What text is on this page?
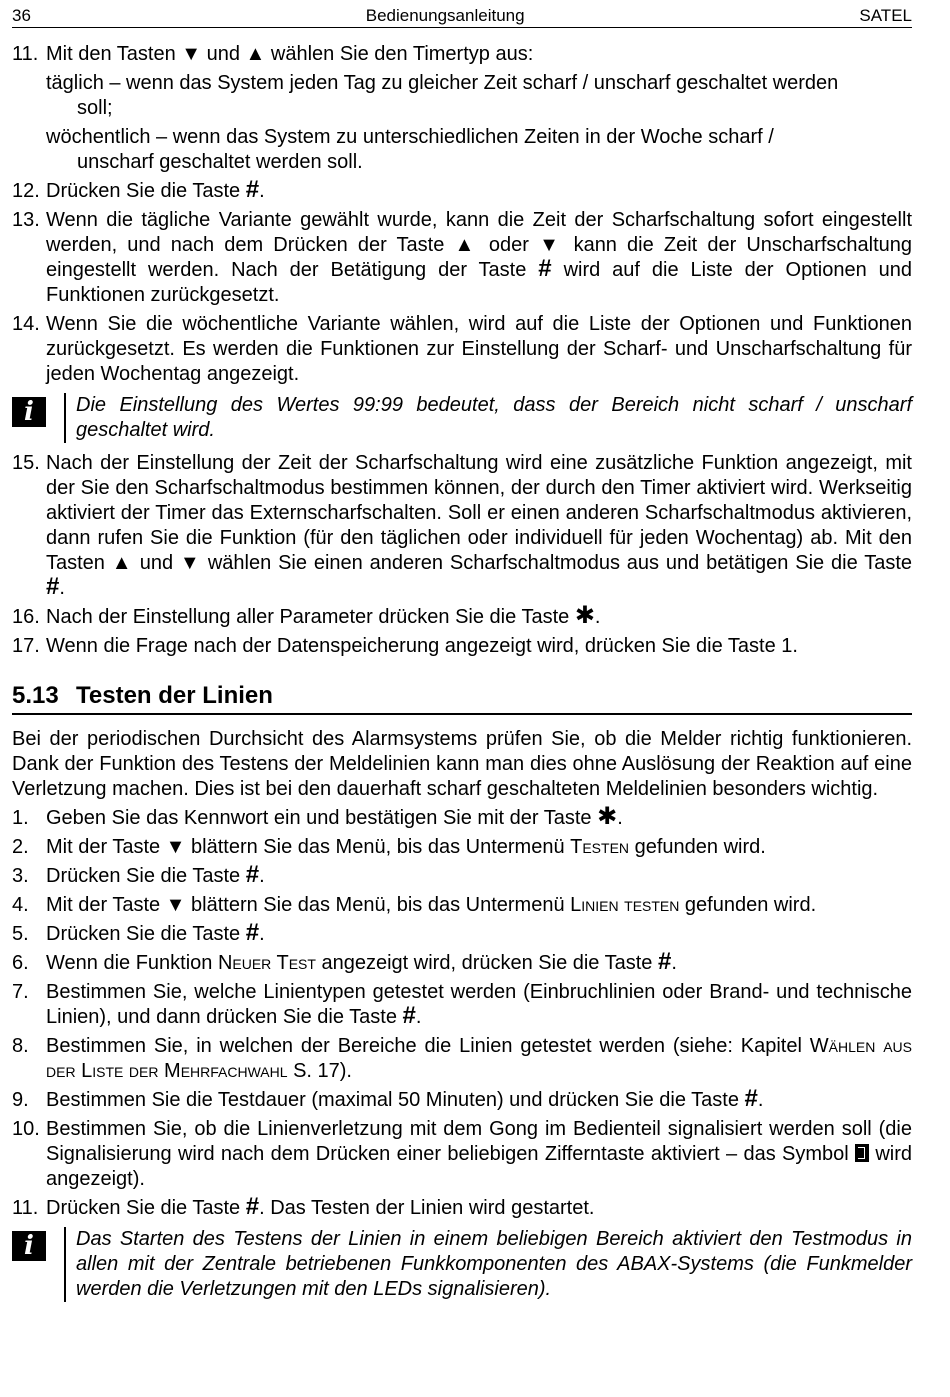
36	Bedienungsanleitung	SATEL
11. Mit den Tasten ▼ und ▲ wählen Sie den Timertyp aus:
täglich – wenn das System jeden Tag zu gleicher Zeit scharf / unscharf geschaltet werden
soll;
wöchentlich – wenn das System zu unterschiedlichen Zeiten in der Woche scharf /
unscharf geschaltet werden soll.
12. Drücken Sie die Taste #.
13. Wenn die tägliche Variante gewählt wurde, kann die Zeit der Scharfschaltung sofort eingestellt werden, und nach dem Drücken der Taste ▲ oder ▼ kann die Zeit der Unscharfschaltung eingestellt werden. Nach der Betätigung der Taste # wird auf die Liste der Optionen und Funktionen zurückgesetzt.
14. Wenn Sie die wöchentliche Variante wählen, wird auf die Liste der Optionen und Funktionen zurückgesetzt. Es werden die Funktionen zur Einstellung der Scharf- und Unscharfschaltung für jeden Wochentag angezeigt.
i	Die Einstellung des Wertes 99:99 bedeutet, dass der Bereich nicht scharf / unscharf geschaltet wird.
15. Nach der Einstellung der Zeit der Scharfschaltung wird eine zusätzliche Funktion angezeigt, mit der Sie den Scharfschaltmodus bestimmen können, der durch den Timer aktiviert wird. Werkseitig aktiviert der Timer das Externscharfschalten. Soll er einen anderen Scharfschaltmodus aktivieren, dann rufen Sie die Funktion (für den täglichen oder individuell für jeden Wochentag) ab. Mit den Tasten ▲ und ▼ wählen Sie einen anderen Scharfschaltmodus aus und betätigen Sie die Taste #.
16. Nach der Einstellung aller Parameter drücken Sie die Taste ✱.
17. Wenn die Frage nach der Datenspeicherung angezeigt wird, drücken Sie die Taste 1.
5.13 Testen der Linien
Bei der periodischen Durchsicht des Alarmsystems prüfen Sie, ob die Melder richtig funktionieren. Dank der Funktion des Testens der Meldelinien kann man dies ohne Auslösung der Reaktion auf eine Verletzung machen. Dies ist bei den dauerhaft scharf geschalteten Meldelinien besonders wichtig.
1. Geben Sie das Kennwort ein und bestätigen Sie mit der Taste ✱.
2. Mit der Taste ▼ blättern Sie das Menü, bis das Untermenü Testen gefunden wird.
3. Drücken Sie die Taste #.
4. Mit der Taste ▼ blättern Sie das Menü, bis das Untermenü Linien testen gefunden wird.
5. Drücken Sie die Taste #.
6. Wenn die Funktion Neuer Test angezeigt wird, drücken Sie die Taste #.
7. Bestimmen Sie, welche Linientypen getestet werden (Einbruchlinien oder Brand- und technische Linien), und dann drücken Sie die Taste #.
8. Bestimmen Sie, in welchen der Bereiche die Linien getestet werden (siehe: Kapitel Wählen aus der Liste der Mehrfachwahl S. 17).
9. Bestimmen Sie die Testdauer (maximal 50 Minuten) und drücken Sie die Taste #.
10. Bestimmen Sie, ob die Linienverletzung mit dem Gong im Bedienteil signalisiert werden soll (die Signalisierung wird nach dem Drücken einer beliebigen Zifferntaste aktiviert – das Symbol  wird angezeigt).
11. Drücken Sie die Taste #. Das Testen der Linien wird gestartet.
i	Das Starten des Testens der Linien in einem beliebigen Bereich aktiviert den Testmodus in allen mit der Zentrale betriebenen Funkkomponenten des ABAX-Systems (die Funkmelder werden die Verletzungen mit den LEDs signalisieren).
